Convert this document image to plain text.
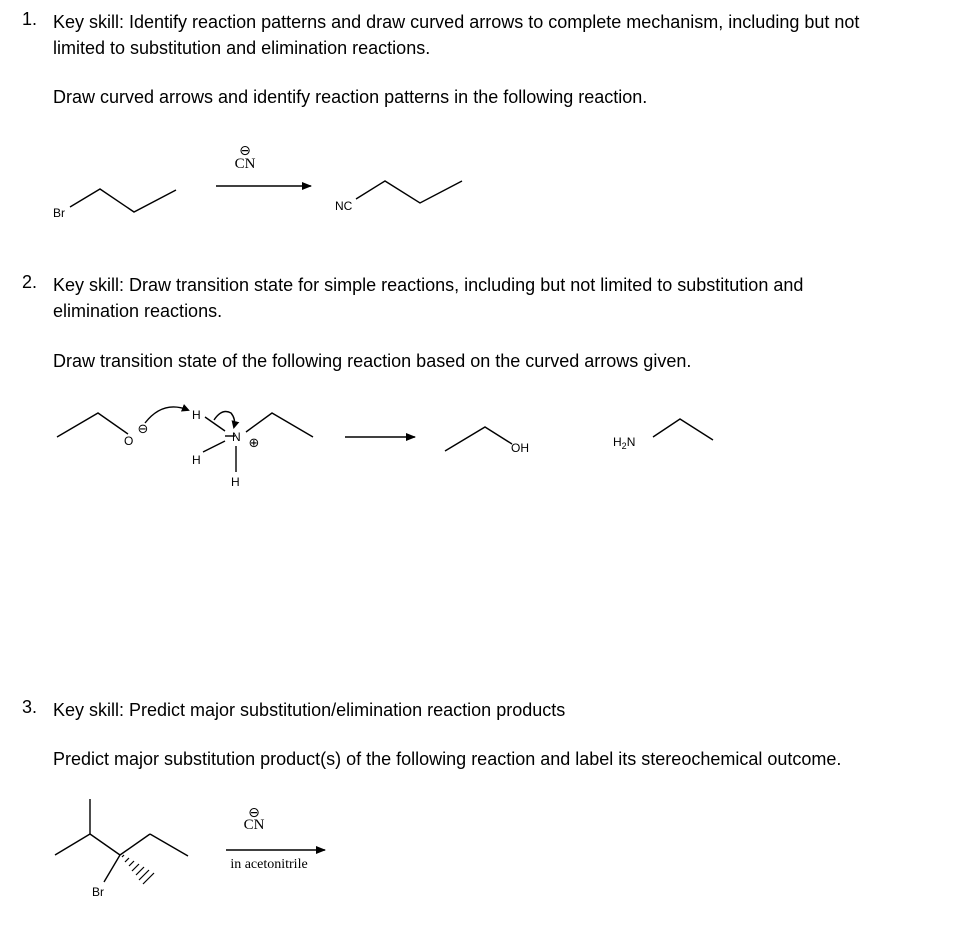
1. Key skill: Identify reaction patterns and draw curved arrows to complete mechanism, including but not
limited to substitution and elimination reactions.
Draw curved arrows and identify reaction patterns in the following reaction.
2. Key skill: Draw transition state for simple reactions, including but not limited to substitution and
elimination reactions.
Draw transition state of the following reaction based on the curved arrows given.
3. Key skill: Predict major substitution/elimination reaction products
Predict major substitution product(s) of the following reaction and label its stereochemical outcome.
Br
⊖
CN
NC
O
⊖
H
H
N ⊕
H
OH	$H_2N$
Br
⊖
CN
in acetonitrile
